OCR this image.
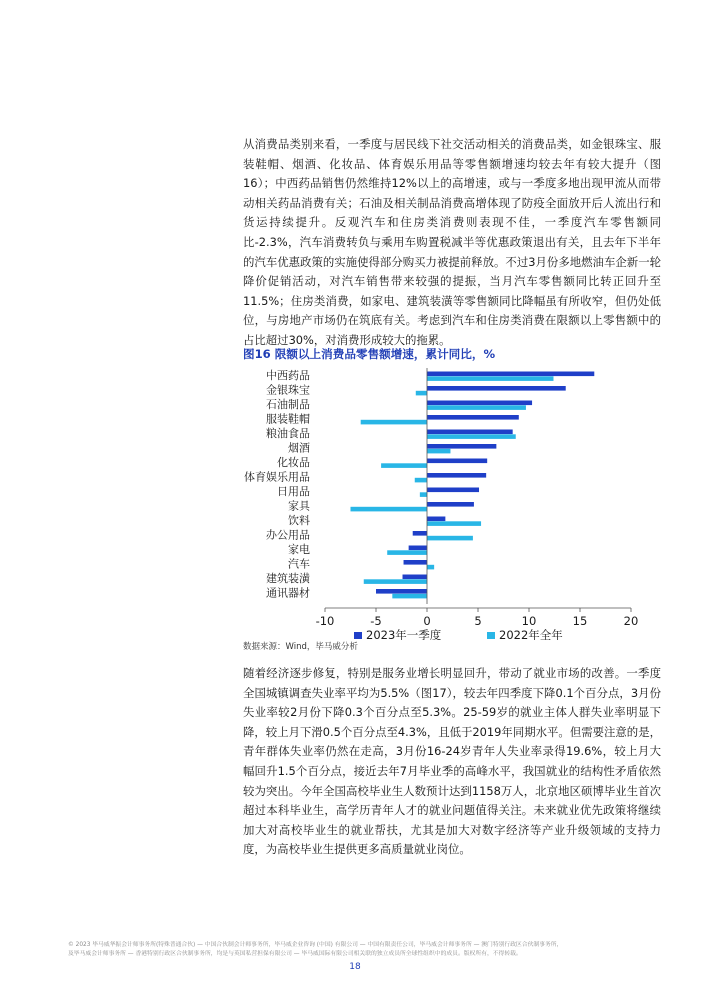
从消费品类别来看，一季度与居民线下社交活动相关的消费品类，如金银珠宝、服装鞋帽、烟酒、化妆品、体育娱乐用品等零售额增速均较去年有较大提升（图16）；中西药品销售仍然维持12%以上的高增速，或与一季度多地出现甲流从而带动相关药品消费有关；石油及相关制品消费高增体现了防疫全面放开后人流出行和货运持续提升。反观汽车和住房类消费则表现不佳，一季度汽车零售额同比-2.3%，汽车消费转负与乘用车购置税减半等优惠政策退出有关，且去年下半年的汽车优惠政策的实施使得部分购买力被提前释放。不过3月份多地燃油车企新一轮降价促销活动，对汽车销售带来较强的提振，当月汽车零售额同比转正回升至11.5%；住房类消费，如家电、建筑装潢等零售额同比降幅虽有所收窄，但仍处低位，与房地产市场仍在筑底有关。考虑到汽车和住房类消费在限额以上零售额中的占比超过30%，对消费形成较大的拖累。

图16 限额以上消费品零售额增速，累计同比，%

中西药品
金银珠宝
石油制品
服装鞋帽
粮油食品
烟酒
化妆品
体育娱乐用品
日用品
家具
饮料
办公用品
家电
汽车
建筑装潢
通讯器材
-10	-5	0	5	10	15	20
2023年一季度	2022年全年
数据来源：Wind，毕马威分析

随着经济逐步修复，特别是服务业增长明显回升，带动了就业市场的改善。一季度全国城镇调查失业率平均为5.5%（图17），较去年四季度下降0.1个百分点，3月份失业率较2月份下降0.3个百分点至5.3%。25-59岁的就业主体人群失业率明显下降，较上月下滑0.5个百分点至4.3%，且低于2019年同期水平。但需要注意的是，青年群体失业率仍然在走高，3月份16-24岁青年人失业率录得19.6%，较上月大幅回升1.5个百分点，接近去年7月毕业季的高峰水平，我国就业的结构性矛盾依然较为突出。今年全国高校毕业生人数预计达到1158万人，北京地区硕博毕业生首次超过本科毕业生，高学历青年人才的就业问题值得关注。未来就业优先政策将继续加大对高校毕业生的就业帮扶，尤其是加大对数字经济等产业升级领域的支持力度，为高校毕业生提供更多高质量就业岗位。

© 2023 毕马威华振会计师事务所(特殊普通合伙) — 中国合伙制会计师事务所，毕马威企业咨询 (中国) 有限公司 — 中国有限责任公司，毕马威会计师事务所 — 澳门特别行政区合伙制事务所，
及毕马威会计师事务所 — 香港特别行政区合伙制事务所，均是与英国私营担保有限公司 — 毕马威国际有限公司相关联的独立成员所全球性组织中的成员。版权所有，不得转载。
18
